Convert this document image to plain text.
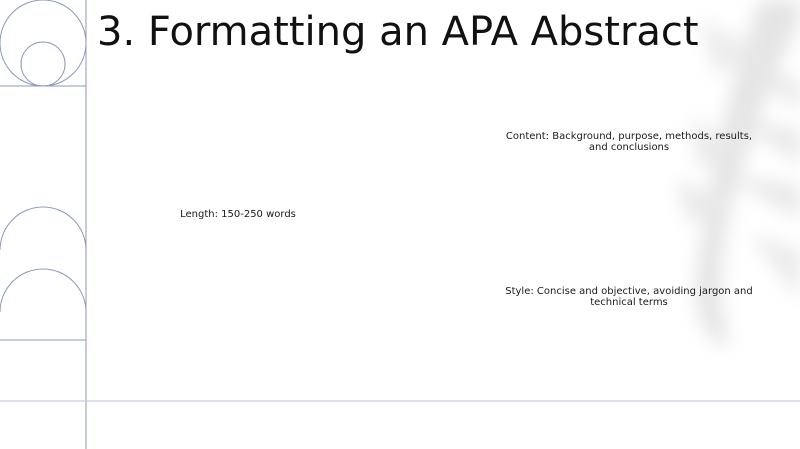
3. Formatting an APA Abstract
Length: 150-250 words
Content: Background, purpose, methods, results, and conclusions
Style: Concise and objective, avoiding jargon and technical terms
